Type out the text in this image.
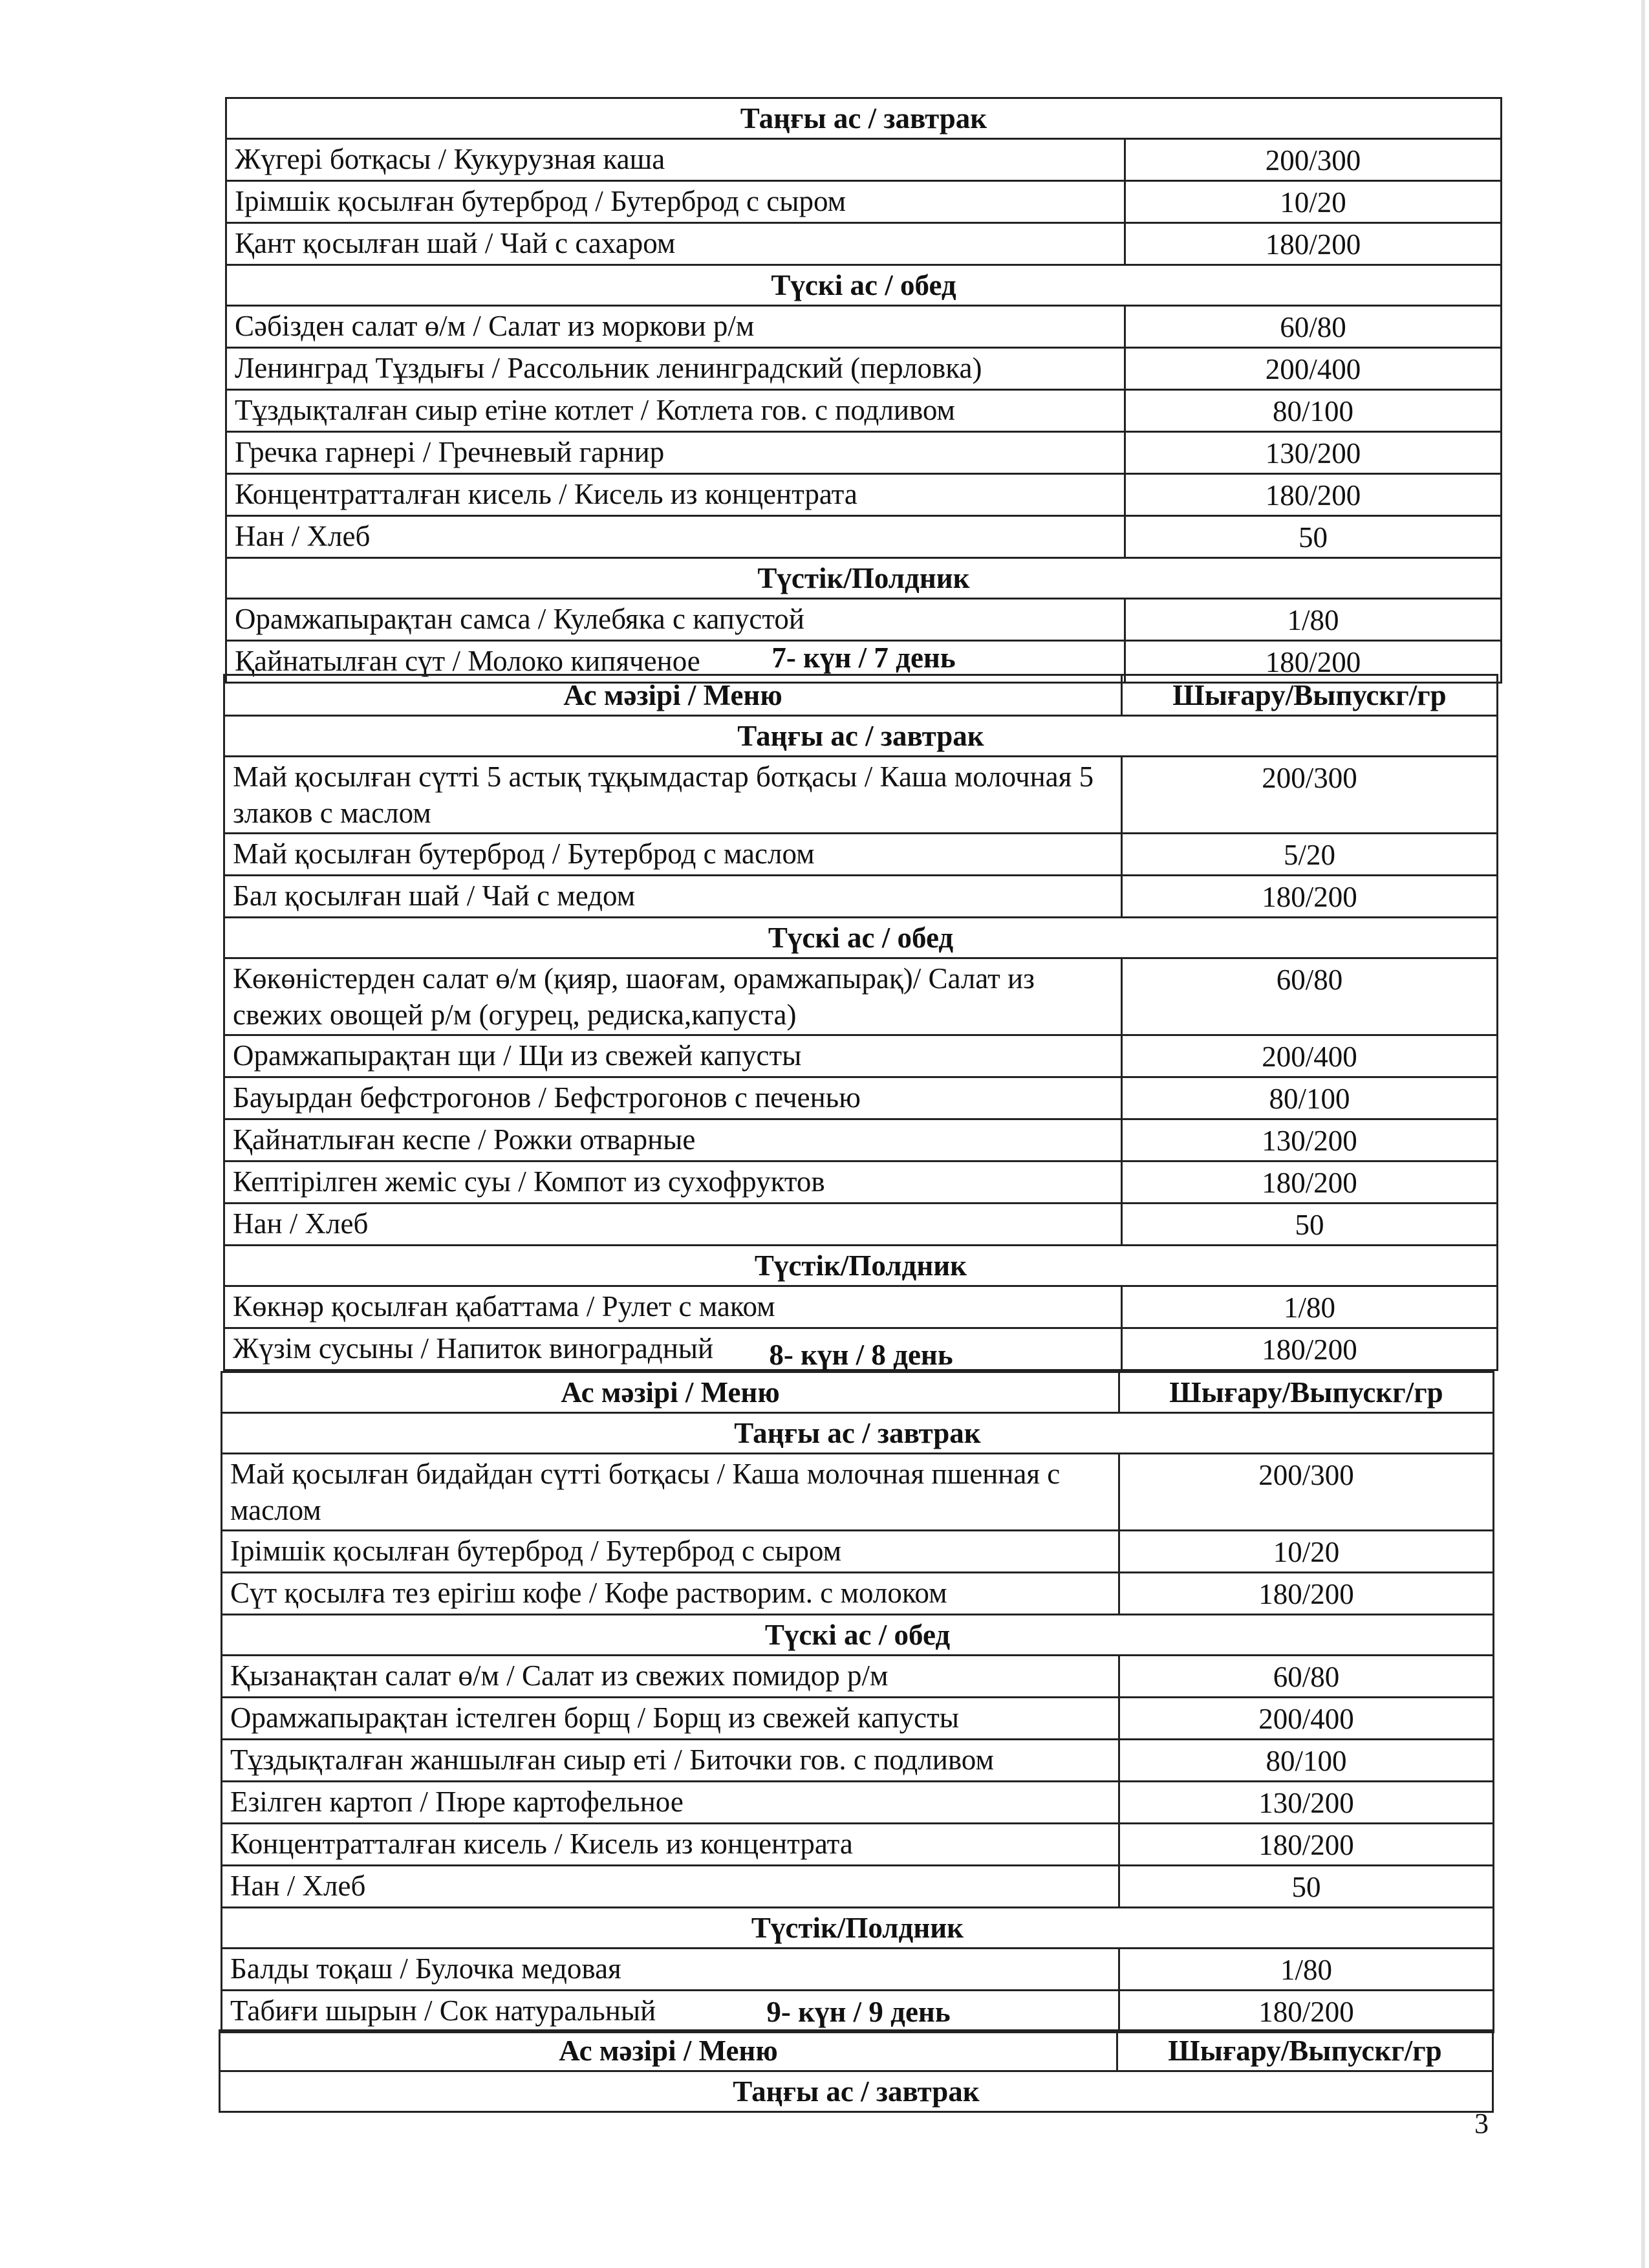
Таңғы ас / завтрак	
Жүгері ботқасы / Кукурузная каша	200/300
Ірімшік қосылған бутерброд / Бутерброд с сыром	10/20
Қант қосылған шай / Чай с сахаром	180/200
Түскі ас / обед	
Сәбізден салат ө/м / Салат из моркови р/м	60/80
Ленинград Тұздығы / Рассольник ленинградский (перловка)	200/400
Тұздықталған сиыр етіне котлет / Котлета гов. с подливом	80/100
Гречка гарнері / Гречневый гарнир	130/200
Концентратталған кисель / Кисель из концентрата	180/200
Нан / Хлеб	50
Түстік/Полдник	
Орамжапырақтан самса / Кулебяка с капустой	1/80
Қайнатылған сүт / Молоко кипяченое	180/200
7- күн / 7 день
Ас мәзірі / Меню	Шығару/Выпускг/гр
Таңғы ас / завтрак	
Май қосылған сүтті 5 астық тұқымдастар ботқасы / Каша молочная 5 злаков с маслом	200/300
Май қосылған бутерброд / Бутерброд с маслом	5/20
Бал қосылған шай / Чай с медом	180/200
Түскі ас / обед	
Көкөністерден салат ө/м (қияр, шаоғам, орамжапырақ)/ Салат из свежих овощей р/м (огурец, редиска,капуста)	60/80
Орамжапырақтан щи / Щи из свежей капусты	200/400
Бауырдан бефстрогонов / Бефстрогонов с печенью	80/100
Қайнатлыған кеспе / Рожки отварные	130/200
Кептірілген жеміс суы / Компот из сухофруктов	180/200
Нан / Хлеб	50
Түстік/Полдник	
Көкнәр қосылған қабаттама / Рулет с маком	1/80
Жүзім сусыны / Напиток виноградный	180/200
8- күн / 8 день
Ас мәзірі / Меню	Шығару/Выпускг/гр
Таңғы ас / завтрак	
Май қосылған бидайдан сүтті ботқасы / Каша молочная пшенная с маслом	200/300
Ірімшік қосылған бутерброд / Бутерброд с сыром	10/20
Сүт қосылға тез ерігіш кофе / Кофе растворим. с молоком	180/200
Түскі ас / обед	
Қызанақтан салат ө/м / Салат из свежих помидор р/м	60/80
Орамжапырақтан істелген борщ / Борщ из свежей капусты	200/400
Тұздықталған жаншылған сиыр еті / Биточки гов. с подливом	80/100
Езілген картоп / Пюре картофельное	130/200
Концентратталған кисель / Кисель из концентрата	180/200
Нан / Хлеб	50
Түстік/Полдник	
Балды тоқаш / Булочка медовая	1/80
Табиғи шырын / Сок натуральный	180/200
9- күн / 9 день
Ас мәзірі / Меню	Шығару/Выпускг/гр
Таңғы ас / завтрак
3
